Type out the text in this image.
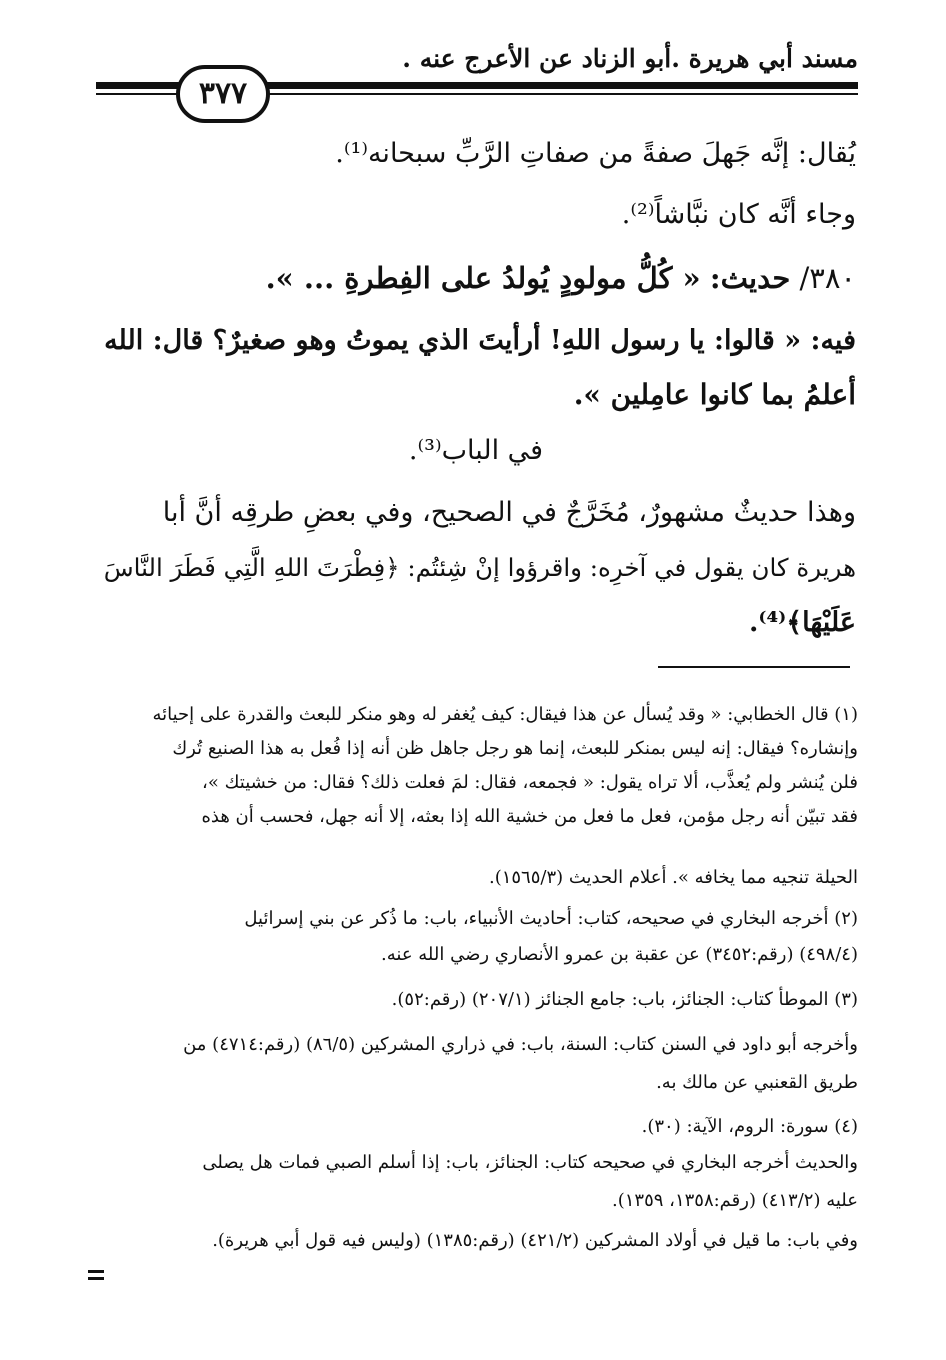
مسند أبي هريرة .أبو الزناد عن الأعرج عنه .
٣٧٧
يُقال: إنَّه جَهلَ صفةً من صفاتِ الرَّبِّ سبحانه⁽¹⁾.
وجاء أنَّه كان نبَّاشاً⁽²⁾.
٣٨٠/ حديث: « كُلُّ مولودٍ يُولدُ على الفِطرةِ ... ».
فيه: « قالوا: يا رسول اللهِ! أرأيتَ الذي يموتُ وهو صغيرٌ؟ قال: الله
أعلمُ بما كانوا عامِلين ».
في الباب⁽³⁾.
وهذا حديثٌ مشهورٌ، مُخَرَّجٌ في الصحيح، وفي بعضِ طرقِه أنَّ أبا
هريرة كان يقول في آخرِه: واقرؤوا إنْ شِئتُم: ﴿فِطْرَتَ اللهِ الَّتِي فَطَرَ النَّاسَ
عَلَيْهَا﴾⁽⁴⁾.
(١) قال الخطابي: « وقد يُسأل عن هذا فيقال: كيف يُغفر له وهو منكر للبعث والقدرة على إحيائه
وإنشاره؟ فيقال: إنه ليس بمنكر للبعث، إنما هو رجل جاهل ظن أنه إذا فُعل به هذا الصنيع تُرك
فلن يُنشر ولم يُعذَّب، ألا تراه يقول: « فجمعه، فقال: لمَ فعلت ذلك؟ فقال: من خشيتك »،
فقد تبيّن أنه رجل مؤمن، فعل ما فعل من خشية الله إذا بعثه، إلا أنه جهل، فحسب أن هذه
الحيلة تنجيه مما يخافه ». أعلام الحديث (١٥٦٥/٣).
(٢) أخرجه البخاري في صحيحه، كتاب: أحاديث الأنبياء، باب: ما ذُكر عن بني إسرائيل
(٤٩٨/٤) (رقم:٣٤٥٢) عن عقبة بن عمرو الأنصاري رضي الله عنه.
(٣) الموطأ كتاب: الجنائز، باب: جامع الجنائز (٢٠٧/١) (رقم:٥٢).
وأخرجه أبو داود في السنن كتاب: السنة، باب: في ذراري المشركين (٨٦/٥) (رقم:٤٧١٤) من
طريق القعنبي عن مالك به.
(٤) سورة: الروم، الآية: (٣٠).
والحديث أخرجه البخاري في صحيحه كتاب: الجنائز، باب: إذا أسلم الصبي فمات هل يصلى
عليه (٤١٣/٢) (رقم:١٣٥٨، ١٣٥٩).
وفي باب: ما قيل في أولاد المشركين (٤٢١/٢) (رقم:١٣٨٥) (وليس فيه قول أبي هريرة).
